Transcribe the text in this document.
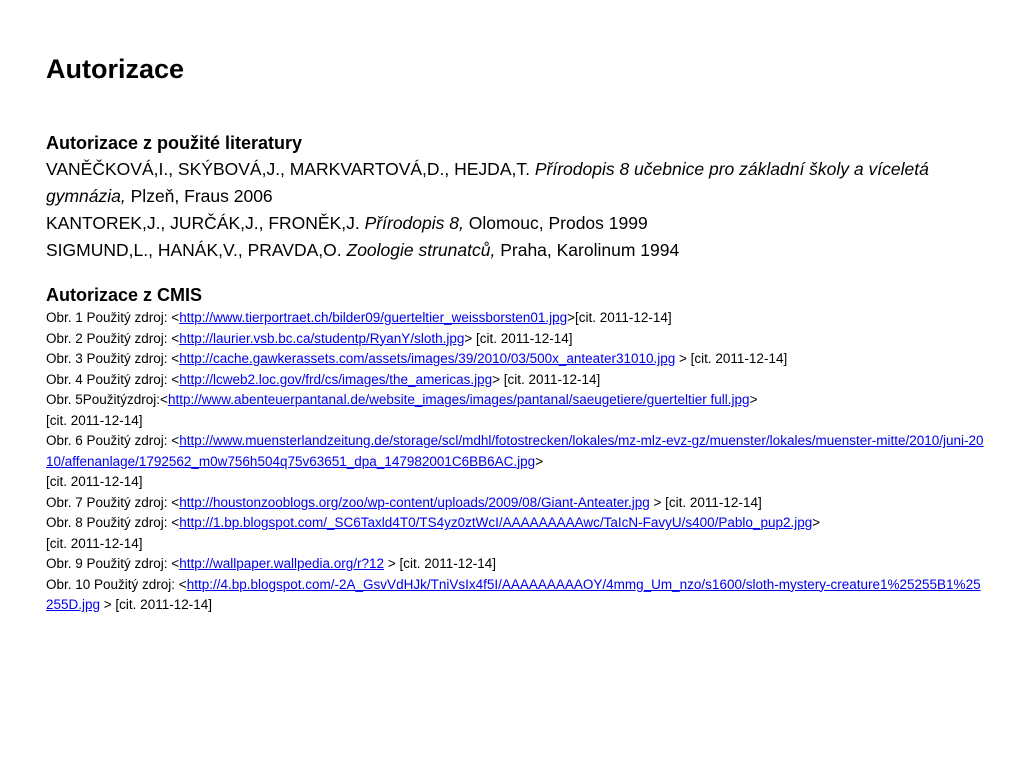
Autorizace

Autorizace z použité literatury

VANĚČKOVÁ,I., SKÝBOVÁ,J., MARKVARTOVÁ,D., HEJDA,T. Přírodopis 8 učebnice pro základní školy a víceletá gymnázia, Plzeň, Fraus 2006

KANTOREK,J., JURČÁK,J., FRONĚK,J. Přírodopis 8, Olomouc, Prodos 1999

SIGMUND,L., HANÁK,V., PRAVDA,O. Zoologie strunatců, Praha, Karolinum 1994

Autorizace z CMIS

Obr. 1 Použitý zdroj: <http://www.tierportraet.ch/bilder09/guerteltier_weissborsten01.jpg>[cit. 2011-12-14]

Obr. 2 Použitý zdroj: <http://laurier.vsb.bc.ca/studentp/RyanY/sloth.jpg> [cit. 2011-12-14]

Obr. 3 Použitý zdroj: <http://cache.gawkerassets.com/assets/images/39/2010/03/500x_anteater31010.jpg > [cit. 2011-12-14]

Obr. 4 Použitý zdroj: <http://lcweb2.loc.gov/frd/cs/images/the_americas.jpg> [cit. 2011-12-14]

Obr. 5Použitýzdroj:<http://www.abenteuerpantanal.de/website_images/images/pantanal/saeugetiere/guerteltier full.jpg>
[cit. 2011-12-14]

Obr. 6 Použitý zdroj: <http://www.muensterlandzeitung.de/storage/scl/mdhl/fotostrecken/lokales/mz-mlz-evz-gz/muenster/lokales/muenster-mitte/2010/juni-2010/affenanlage/1792562_m0w756h504q75v63651_dpa_147982001C6BB6AC.jpg>
[cit. 2011-12-14]

Obr. 7 Použitý zdroj: <http://houstonzooblogs.org/zoo/wp-content/uploads/2009/08/Giant-Anteater.jpg > [cit. 2011-12-14]

Obr. 8 Použitý zdroj: <http://1.bp.blogspot.com/_SC6Taxld4T0/TS4yz0ztWcI/AAAAAAAAAwc/TaIcN-FavyU/s400/Pablo_pup2.jpg>
[cit. 2011-12-14]

Obr. 9 Použitý zdroj: <http://wallpaper.wallpedia.org/r?12 > [cit. 2011-12-14]

Obr. 10 Použitý zdroj: <http://4.bp.blogspot.com/-2A_GsvVdHJk/TniVsIx4f5I/AAAAAAAAAOY/4mmg_Um_nzo/s1600/sloth-mystery-creature1%25255B1%25255D.jpg > [cit. 2011-12-14]
